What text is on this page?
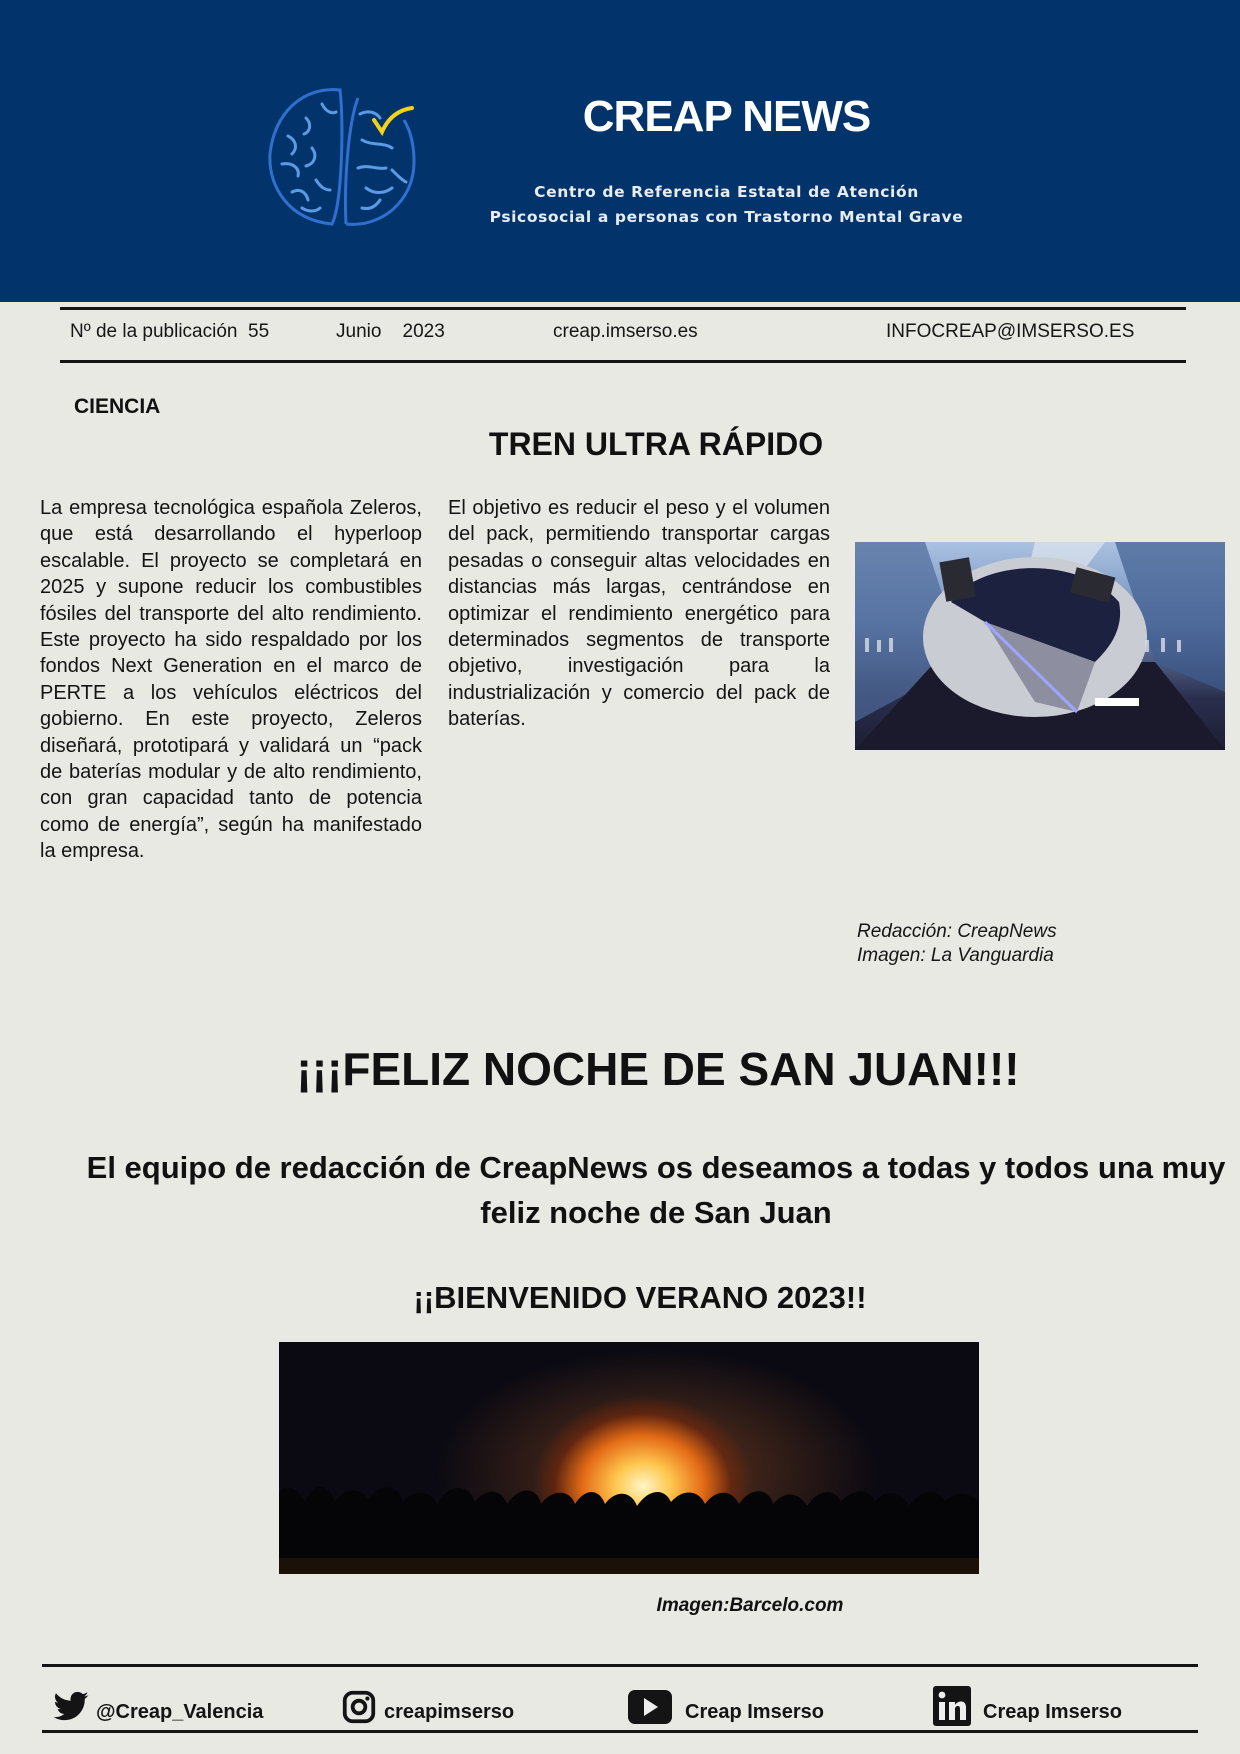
CREAP NEWS
Centro de Referencia Estatal de Atención
Psicosocial a personas con Trastorno Mental Grave
Nº de la publicación 55	Junio 2023	creap.imserso.es	INFOCREAP@IMSERSO.ES
CIENCIA
TREN ULTRA RÁPIDO
La empresa tecnológica española Zeleros, que está desarrollando el hyperloop escalable. El proyecto se completará en 2025 y supone reducir los combustibles fósiles del transporte del alto rendimiento. Este proyecto ha sido respaldado por los fondos Next Generation en el marco de PERTE a los vehículos eléctricos del gobierno. En este proyecto, Zeleros diseñará, prototipará y validará un “pack de baterías modular y de alto rendimiento, con gran capacidad tanto de potencia como de energía”, según ha manifestado la empresa.
El objetivo es reducir el peso y el volumen del pack, permitiendo transportar cargas pesadas o conseguir altas velocidades en distancias más largas, centrándose en optimizar el rendimiento energético para determinados segmentos de transporte objetivo, investigación para la industrialización y comercio del pack de baterías.
Redacción: CreapNews
Imagen: La Vanguardia
¡¡¡FELIZ NOCHE DE SAN JUAN!!!
El equipo de redacción de CreapNews os deseamos a todas y todos una muy feliz noche de San Juan
¡¡BIENVENIDO VERANO 2023!!
Imagen:Barcelo.com
@Creap_Valencia	creapimserso	Creap Imserso	Creap Imserso
